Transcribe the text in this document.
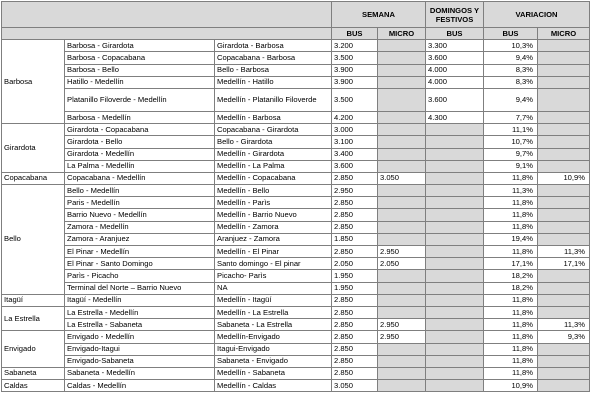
			SEMANA		DOMINGOS Y FESTIVOS	VARIACION	
			BUS	MICRO	BUS	BUS	MICRO
Barbosa	Barbosa - Girardota	Girardota - Barbosa	3.200		3.300	10,3%	
	Barbosa - Copacabana	Copacabana - Barbosa	3.500		3.600	9,4%	
	Barbosa - Bello	Bello - Barbosa	3.900		4.000	8,3%	
	Hatillo - Medellín	Medellín - Hatillo	3.900		4.000	8,3%	
	Platanillo Filoverde - Medellín	Medellín - Platanillo Filoverde	3.500		3.600	9,4%	
	Barbosa - Medellín	Medellín - Barbosa	4.200		4.300	7,7%	
Girardota	Girardota - Copacabana	Copacabana - Girardota	3.000			11,1%	
	Girardota - Bello	Bello - Girardota	3.100			10,7%	
	Girardota - Medellín	Medellín - Girardota	3.400			9,7%	
	La Palma - Medellín	Medellín - La Palma	3.600			9,1%	
Copacabana	Copacabana - Medellín	Medellín - Copacabana	2.850	3.050		11,8%	10,9%
Bello	Bello - Medellín	Medellín - Bello	2.950			11,3%	
	Paris - Medellín	Medellín - Parìs	2.850			11,8%	
	Barrio Nuevo - Medellín	Medellín - Barrio Nuevo	2.850			11,8%	
	Zamora - Medellín	Medellín - Zamora	2.850			11,8%	
	Zamora - Aranjuez	Aranjuez - Zamora	1.850			19,4%	
	El Pinar - Medellín	Medellín - El Pinar	2.850	2.950		11,8%	11,3%
	El Pinar - Santo Domingo	Santo domingo - El pinar	2.050	2.050		17,1%	17,1%
	Parìs - Picacho	Picacho- Parìs	1.950			18,2%	
	Terminal del Norte – Barrio Nuevo	NA	1.950			18,2%	
Itagüí	Itagüí - Medellín	Medellín - Itagüí	2.850			11,8%	
La Estrella	La Estrella - Medellín	Medellín - La Estrella	2.850			11,8%	
	La Estrella - Sabaneta	Sabaneta - La Estrella	2.850	2.950		11,8%	11,3%
Envigado	Envigado - Medellín	Medellín-Envigado	2.850	2.950		11,8%	9,3%
	Envigado-Itagui	Itagui-Envigado	2.850			11,8%	
	Envigado-Sabaneta	Sabaneta - Envigado	2.850			11,8%	
Sabaneta	Sabaneta - Medellín	Medellín - Sabaneta	2.850			11,8%	
Caldas	Caldas - Medellín	Medellín - Caldas	3.050			10,9%	
